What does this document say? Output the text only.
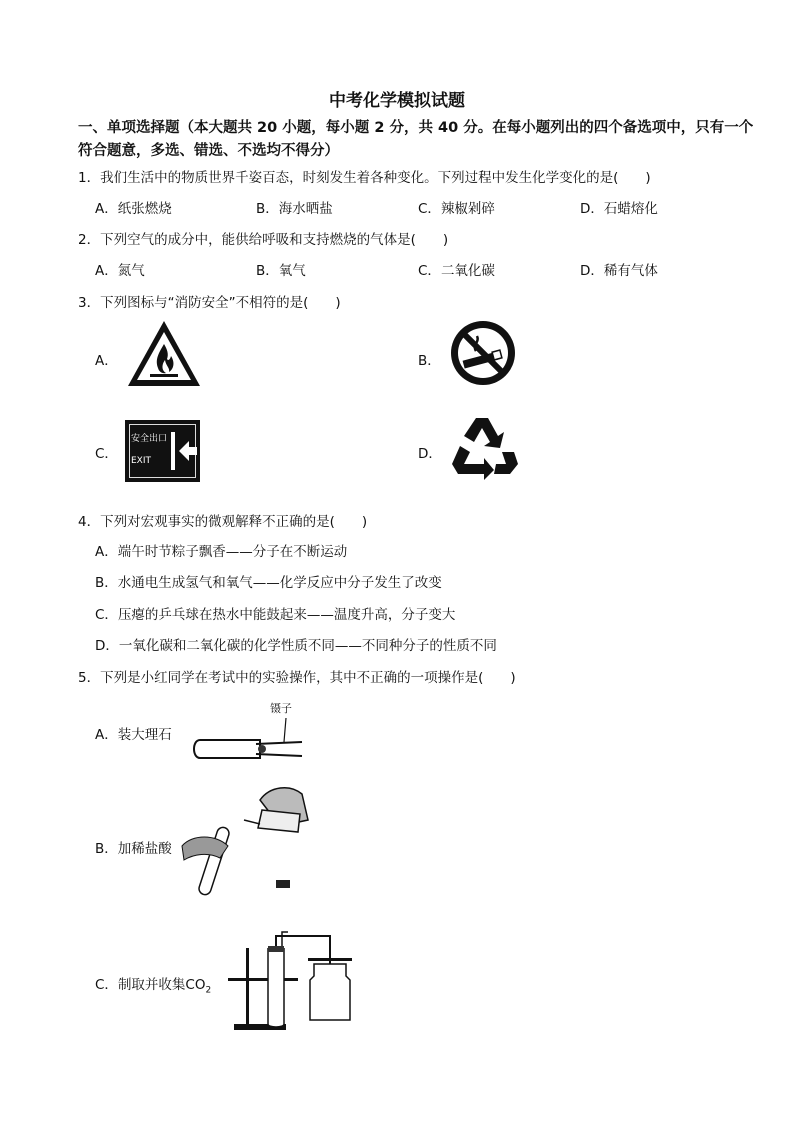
中考化学模拟试题
一、单项选择题（本大题共 20 小题，每小题 2 分，共 40 分。在每小题列出的四个备选项中，只有一个符合题意，多选、错选、不选均不得分）
1．我们生活中的物质世界千姿百态，时刻发生着各种变化。下列过程中发生化学变化的是(　　)
A．纸张燃烧	B．海水晒盐	C．辣椒剁碎	D．石蜡熔化
2．下列空气的成分中，能供给呼吸和支持燃烧的气体是(　　)
A．氮气	B．氧气	C．二氧化碳	D．稀有气体
3．下列图标与“消防安全”不相符的是(　　)
A．	B．
C．
安全出口
EXIT	D．
4．下列对宏观事实的微观解释不正确的是(　　)
A．端午时节粽子飘香——分子在不断运动
B．水通电生成氢气和氧气——化学反应中分子发生了改变
C．压瘪的乒乓球在热水中能鼓起来——温度升高，分子变大
D．一氧化碳和二氧化碳的化学性质不同——不同种分子的性质不同
5．下列是小红同学在考试中的实验操作，其中不正确的一项操作是(　　)
A．装大理石
镊子
B．加稀盐酸
C．制取并收集$CO_2$
